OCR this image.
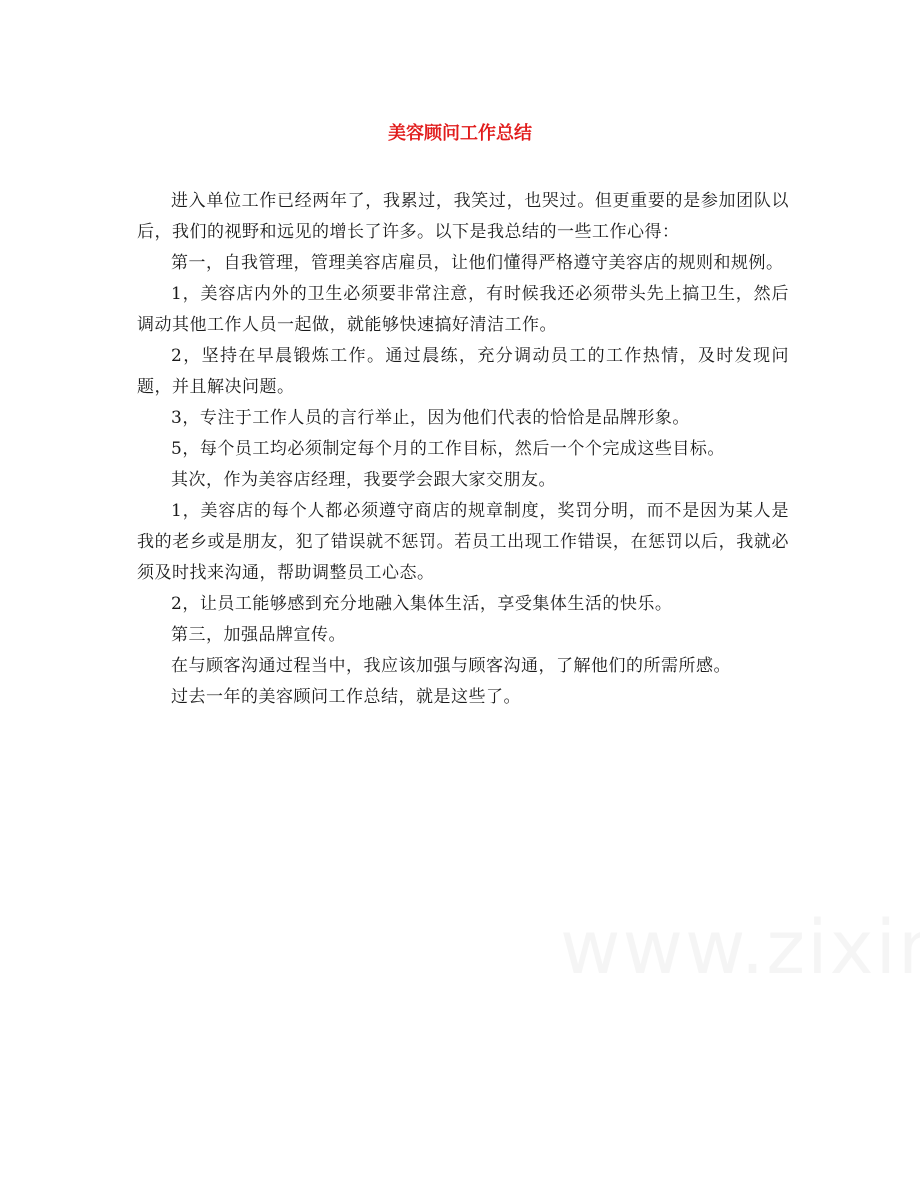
美容顾问工作总结

进入单位工作已经两年了，我累过，我笑过，也哭过。但更重要的是参加团队以后，我们的视野和远见的增长了许多。以下是我总结的一些工作心得：

第一，自我管理，管理美容店雇员，让他们懂得严格遵守美容店的规则和规例。

1，美容店内外的卫生必须要非常注意，有时候我还必须带头先上搞卫生，然后调动其他工作人员一起做，就能够快速搞好清洁工作。

2，坚持在早晨锻炼工作。通过晨练，充分调动员工的工作热情，及时发现问题，并且解决问题。

3，专注于工作人员的言行举止，因为他们代表的恰恰是品牌形象。

5，每个员工均必须制定每个月的工作目标，然后一个个完成这些目标。

其次，作为美容店经理，我要学会跟大家交朋友。

1，美容店的每个人都必须遵守商店的规章制度，奖罚分明，而不是因为某人是我的老乡或是朋友，犯了错误就不惩罚。若员工出现工作错误，在惩罚以后，我就必须及时找来沟通，帮助调整员工心态。

2，让员工能够感到充分地融入集体生活，享受集体生活的快乐。

第三，加强品牌宣传。

在与顾客沟通过程当中，我应该加强与顾客沟通，了解他们的所需所感。

过去一年的美容顾问工作总结，就是这些了。
